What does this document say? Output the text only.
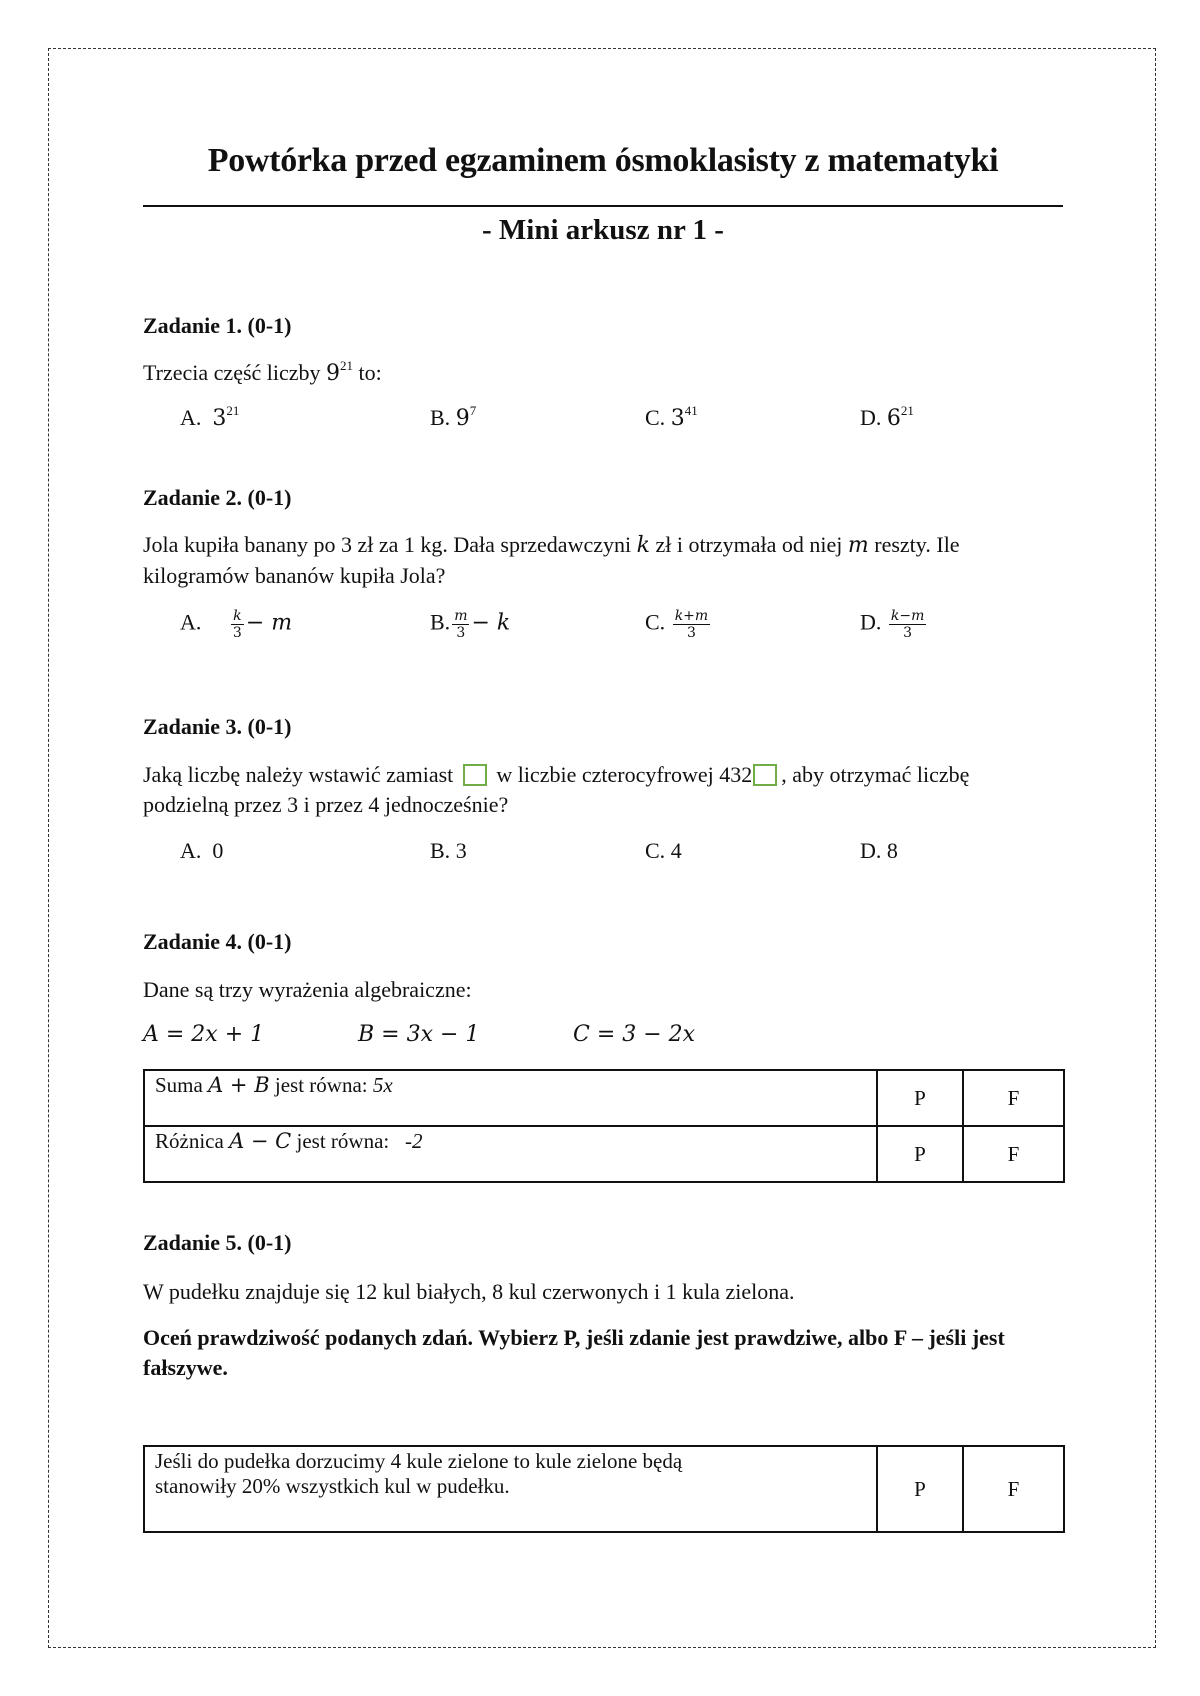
Powtórka przed egzaminem ósmoklasisty z matematyki
- Mini arkusz nr 1 -
Zadanie 1. (0-1)
Trzecia część liczby $9^{21}$ to:
A. $3^{21}$	B. $9^7$	C. $3^{41}$	D. $6^{21}$
Zadanie 2. (0-1)
Jola kupiła banany po 3 zł za 1 kg. Dała sprzedawczyni k zł i otrzymała od niej m reszty. Ile
kilogramów bananów kupiła Jola?
A. $\frac{k}{3} - m$	B. $\frac{m}{3} - k$	C. $\frac{k+m}{3}$	D. $\frac{k-m}{3}$
Zadanie 3. (0-1)
Jaką liczbę należy wstawić zamiast  w liczbie czterocyfrowej 432 , aby otrzymać liczbę
podzielną przez 3 i przez 4 jednocześnie?
A. 0	B. 3	C. 4	D. 8
Zadanie 4. (0-1)
Dane są trzy wyrażenia algebraiczne:
A = 2x + 1	B = 3x − 1	C = 3 − 2x
Suma A + B jest równa: 5x	P	F
Różnica A − C jest równa:   -2	P	F
Zadanie 5. (0-1)
W pudełku znajduje się 12 kul białych, 8 kul czerwonych i 1 kula zielona.
Oceń prawdziwość podanych zdań. Wybierz P, jeśli zdanie jest prawdziwe, albo F – jeśli jest fałszywe.
Jeśli do pudełka dorzucimy 4 kule zielone to kule zielone będą
stanowiły 20% wszystkich kul w pudełku.	P	F
